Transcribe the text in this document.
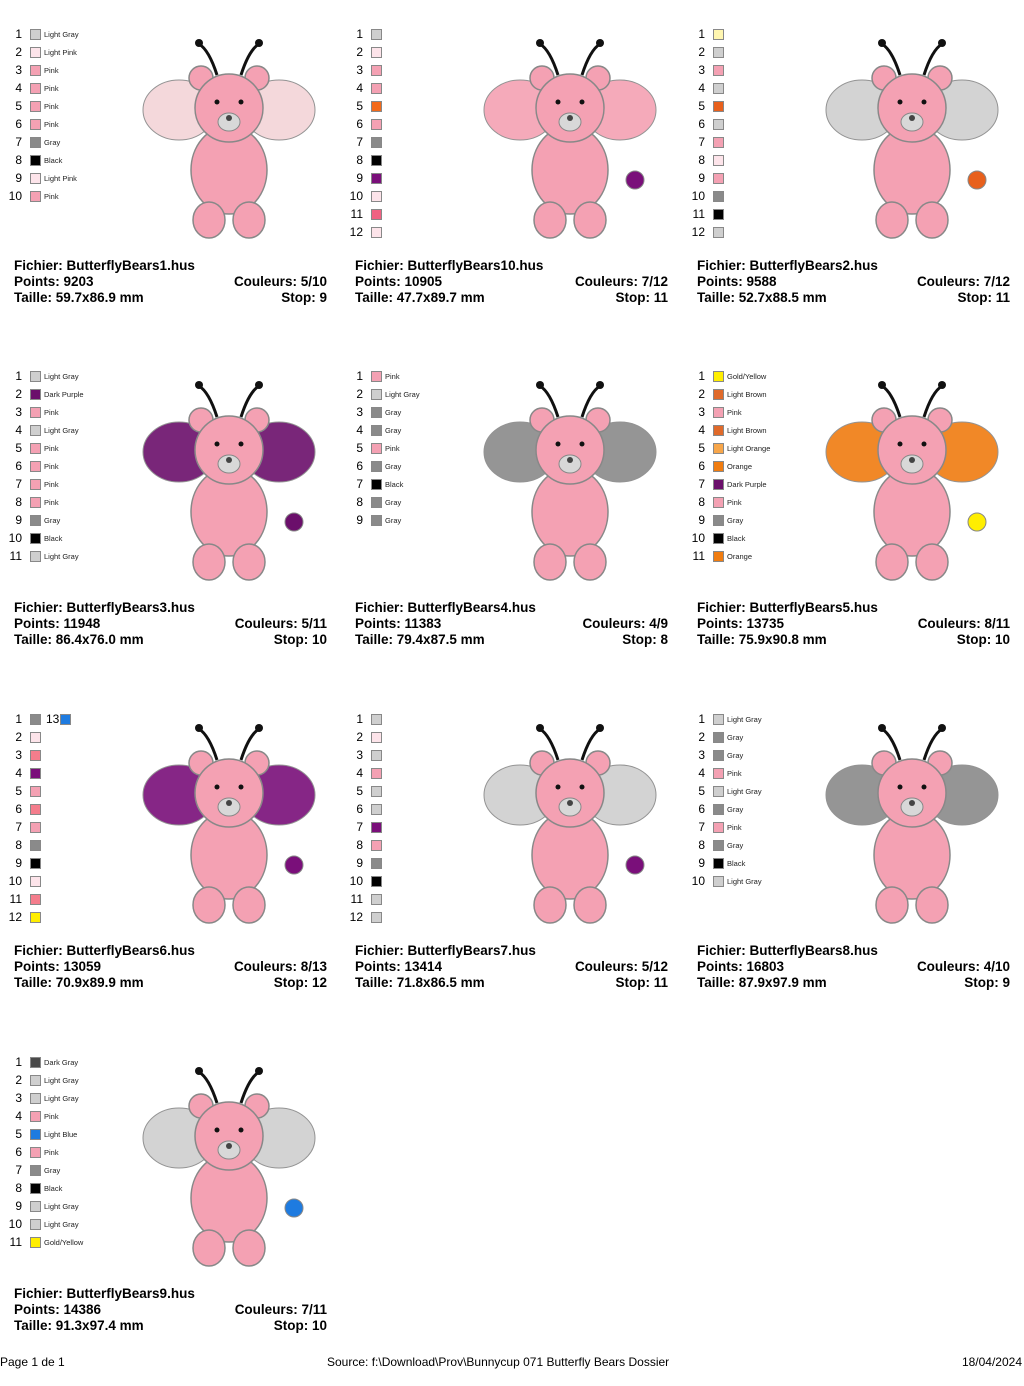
1	Light Gray
2	Light Pink
3	Pink
4	Pink
5	Pink
6	Pink
7	Gray
8	Black
9	Light Pink
10	Pink
Fichier: ButterflyBears1.hus
Points: 9203	Couleurs: 5/10
Taille: 59.7x86.9 mm	Stop: 9
1
2
3
4
5
6
7
8
9
10
11
12
Fichier: ButterflyBears10.hus
Points: 10905	Couleurs: 7/12
Taille: 47.7x89.7 mm	Stop: 11
1
2
3
4
5
6
7
8
9
10
11
12
Fichier: ButterflyBears2.hus
Points: 9588	Couleurs: 7/12
Taille: 52.7x88.5 mm	Stop: 11
1	Light Gray
2	Dark Purple
3	Pink
4	Light Gray
5	Pink
6	Pink
7	Pink
8	Pink
9	Gray
10	Black
11	Light Gray
Fichier: ButterflyBears3.hus
Points: 11948	Couleurs: 5/11
Taille: 86.4x76.0 mm	Stop: 10
1	Pink
2	Light Gray
3	Gray
4	Gray
5	Pink
6	Gray
7	Black
8	Gray
9	Gray
Fichier: ButterflyBears4.hus
Points: 11383	Couleurs: 4/9
Taille: 79.4x87.5 mm	Stop: 8
1	Gold/Yellow
2	Light Brown
3	Pink
4	Light Brown
5	Light Orange
6	Orange
7	Dark Purple
8	Pink
9	Gray
10	Black
11	Orange
Fichier: ButterflyBears5.hus
Points: 13735	Couleurs: 8/11
Taille: 75.9x90.8 mm	Stop: 10
1 13
2
3
4
5
6
7
8
9
10
11
12
Fichier: ButterflyBears6.hus
Points: 13059	Couleurs: 8/13
Taille: 70.9x89.9 mm	Stop: 12
1
2
3
4
5
6
7
8
9
10
11
12
Fichier: ButterflyBears7.hus
Points: 13414	Couleurs: 5/12
Taille: 71.8x86.5 mm	Stop: 11
1	Light Gray
2	Gray
3	Gray
4	Pink
5	Light Gray
6	Gray
7	Pink
8	Gray
9	Black
10	Light Gray
Fichier: ButterflyBears8.hus
Points: 16803	Couleurs: 4/10
Taille: 87.9x97.9 mm	Stop: 9
1	Dark Gray
2	Light Gray
3	Light Gray
4	Pink
5	Light Blue
6	Pink
7	Gray
8	Black
9	Light Gray
10	Light Gray
11	Gold/Yellow
Fichier: ButterflyBears9.hus
Points: 14386	Couleurs: 7/11
Taille: 91.3x97.4 mm	Stop: 10
Page 1 de 1	Source: f:\Download\Prov\Bunnycup 071 Butterfly Bears Dossier	18/04/2024
